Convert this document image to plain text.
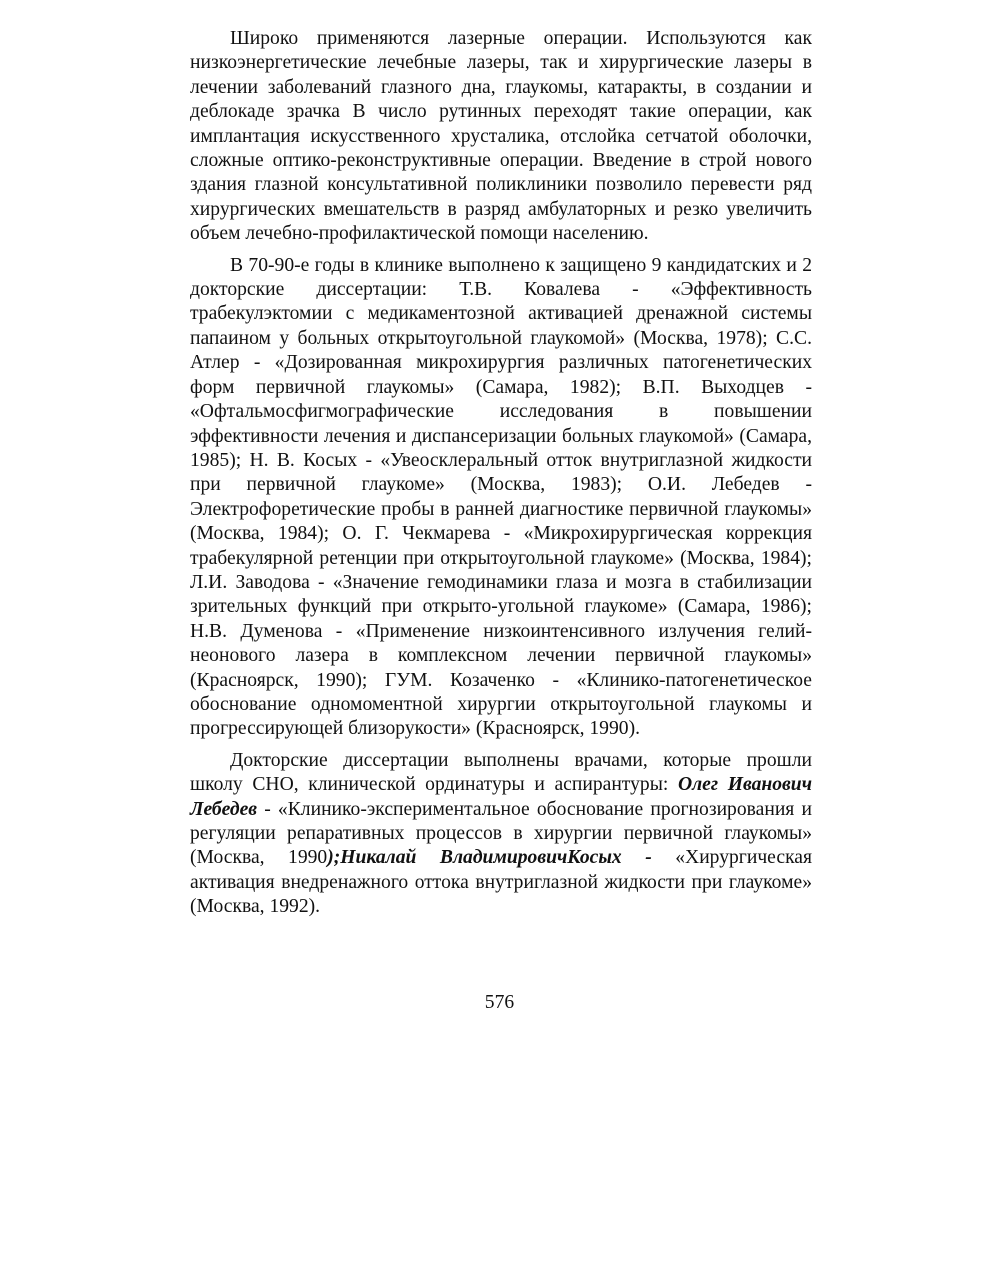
Широко применяются лазерные операции. Используются как низкоэнергетические лечебные лазеры, так и хирургические лазеры в лечении заболеваний глазного дна, глаукомы, катаракты, в создании и деблокаде зрачка В число рутинных переходят такие операции, как имплантация искусственного хрусталика, отслойка сетчатой оболочки, сложные оптико-реконструктивные операции. Введение в строй нового здания глазной консультативной поликлиники позволило перевести ряд хирургических вмешательств в разряд амбулаторных и резко увеличить объем лечебно-профилактической помощи населению.

В 70-90-е годы в клинике выполнено к защищено 9 кандидатских и 2 докторские диссертации: Т.В. Ковалева - «Эффективность трабекулэктомии с медикаментозной активацией дренажной системы папаином у больных открытоугольной глаукомой» (Москва, 1978); С.С. Атлер - «Дозированная микрохирургия различных патогенетических форм первичной глаукомы» (Самара, 1982); В.П. Выходцев - «Офтальмосфигмографические исследования в повышении эффективности лечения и диспансеризации больных глаукомой» (Самара, 1985); Н. В. Косых - «Увеосклеральный отток внутриглазной жидкости при первичной глаукоме» (Москва, 1983); О.И. Лебедев - Электрофоретические пробы в ранней диагностике первичной глаукомы» (Москва, 1984); О. Г. Чекмарева - «Микрохирургическая коррекция трабекулярной ретенции при открытоугольной глаукоме» (Москва, 1984); Л.И. Заводова - «Значение гемодинамики глаза и мозга в стабилизации зрительных функций при открыто-угольной глаукоме» (Самара, 1986); Н.В. Думенова - «Применение низкоинтенсивного излучения гелий-неонового лазера в комплексном лечении первичной глаукомы» (Красноярск, 1990); ГУМ. Козаченко - «Клинико-патогенетическое обоснование одномоментной хирургии открытоугольной глаукомы и прогрессирующей близорукости» (Красноярск, 1990).

Докторские диссертации выполнены врачами, которые прошли школу СНО, клинической ординатуры и аспирантуры: Олег Иванович Лебедев - «Клинико-экспериментальное обоснование прогнозирования и регуляции репаративных процессов в хирургии первичной глаукомы» (Москва, 1990);Никалай ВладимировичКосых - «Хирургическая активация внедренажного оттока внутриглазной жидкости при глаукоме» (Москва, 1992).

576
